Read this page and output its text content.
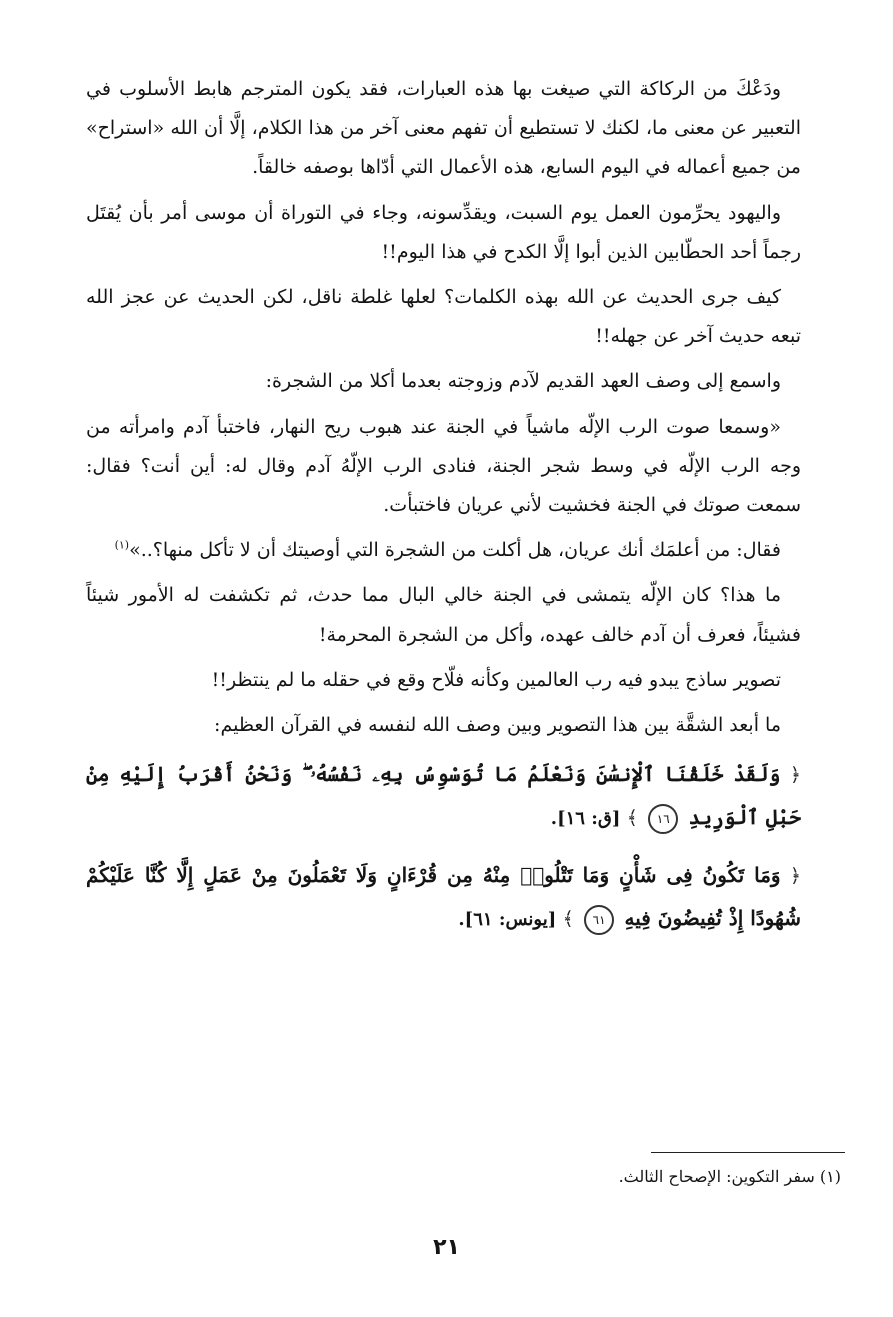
ودَعْكَ من الركاكة التي صيغت بها هذه العبارات، فقد يكون المترجم هابط الأسلوب في التعبير عن معنى ما، لكنك لا تستطيع أن تفهم معنى آخر من هذا الكلام، إلَّا أن الله «استراح» من جميع أعماله في اليوم السابع، هذه الأعمال التي أدّاها بوصفه خالقاً.

واليهود يحرِّمون العمل يوم السبت، ويقدِّسونه، وجاء في التوراة أن موسى أمر بأن يُقتَل رجماً أحد الحطّابين الذين أبوا إلَّا الكدح في هذا اليوم!!

كيف جرى الحديث عن الله بهذه الكلمات؟ لعلها غلطة ناقل، لكن الحديث عن عجز الله تبعه حديث آخر عن جهله!!

واسمع إلى وصف العهد القديم لآدم وزوجته بعدما أكلا من الشجرة:

«وسمعا صوت الرب الإلّه ماشياً في الجنة عند هبوب ريح النهار، فاختبأ آدم وامرأته من وجه الرب الإلّه في وسط شجر الجنة، فنادى الرب الإلّهُ آدم وقال له: أين أنت؟ فقال: سمعت صوتك في الجنة فخشيت لأني عريان فاختبأت.

فقال: من أعلمَك أنك عريان، هل أكلت من الشجرة التي أوصيتك أن لا تأكل منها؟..»$^{(١)}$

ما هذا؟ كان الإلّه يتمشى في الجنة خالي البال مما حدث، ثم تكشفت له الأمور شيئاً فشيئاً، فعرف أن آدم خالف عهده، وأكل من الشجرة المحرمة!

تصوير ساذج يبدو فيه رب العالمين وكأنه فلّاح وقع في حقله ما لم ينتظر!!

ما أبعد الشقَّة بين هذا التصوير وبين وصف الله لنفسه في القرآن العظيم:

﴿ وَلَقَدْ خَلَقْنَا ٱلْإِنسَٰنَ وَنَعْلَمُ مَا تُوَسْوِسُ بِهِۦ نَفْسُهُۥ ۖ وَنَحْنُ أَقْرَبُ إِلَيْهِ مِنْ حَبْلِ ٱلْوَرِيدِ ١٦ ﴾ [ق: ١٦].

﴿ وَمَا تَكُونُ فِى شَأْنٍ وَمَا تَتْلُوا۟ مِنْهُ مِن قُرْءَانٍ وَلَا تَعْمَلُونَ مِنْ عَمَلٍ إِلَّا كُنَّا عَلَيْكُمْ شُهُودًا إِذْ تُفِيضُونَ فِيهِ ٦١ ﴾ [يونس: ٦١].

(١) سفر التكوين: الإصحاح الثالث.
٢١
